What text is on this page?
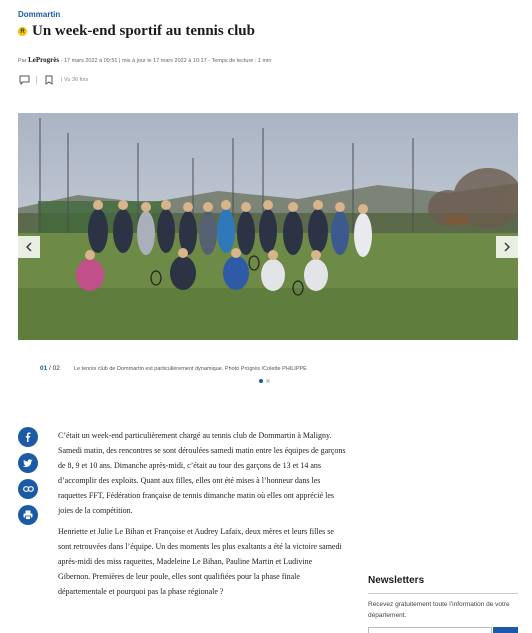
Dommartin
R Un week-end sportif au tennis club
Par LeProgrès - 17 mars 2022 à 09:51 | mis à jour le 17 mars 2022 à 10:17 - Temps de lecture : 1 min
| Vu 36 fois
01 / 02	Le tennis club de Dommartin est particulièrement dynamique. Photo Progrès /Colette PHILIPPE

C’était un week-end particulièrement chargé au tennis club de Dommartin à Maligny. Samedi matin, des rencontres se sont déroulées samedi matin entre les équipes de garçons de 8, 9 et 10 ans. Dimanche après-midi, c’était au tour des garçons de 13 et 14 ans d’accomplir des exploits. Quant aux filles, elles ont été mises à l’honneur dans les raquettes FFT, Fédération française de tennis dimanche matin où elles ont apprécié les joies de la compétition.

Henriette et Julie Le Bihan et Françoise et Audrey Lafaix, deux mères et leurs filles se sont retrouvées dans l’équipe. Un des moments les plus exaltants a été la victoire samedi après-midi des miss raquettes, Madeleine Le Bihan, Pauline Martin et Ludivine Gibernon. Premières de leur poule, elles sont qualifiées pour la phase finale départementale et pourquoi pas la phase régionale ?

Newsletters
Recevez gratuitement toute l’information de votre département.
